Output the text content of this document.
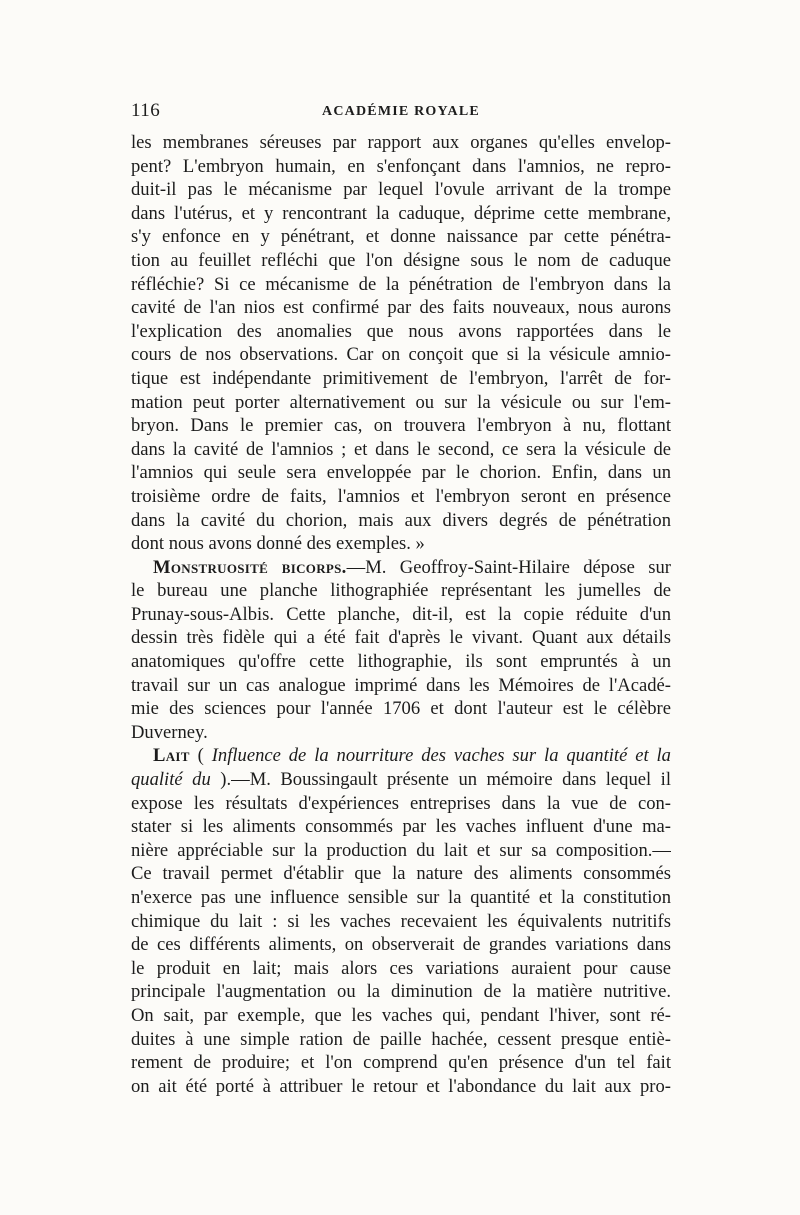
116	ACADÉMIE ROYALE
les membranes séreuses par rapport aux organes qu'elles envelop-
pent? L'embryon humain, en s'enfonçant dans l'amnios, ne repro-
duit-il pas le mécanisme par lequel l'ovule arrivant de la trompe
dans l'utérus, et y rencontrant la caduque, déprime cette membrane,
s'y enfonce en y pénétrant, et donne naissance par cette pénétra-
tion au feuillet refléchi que l'on désigne sous le nom de caduque
réfléchie? Si ce mécanisme de la pénétration de l'embryon dans la
cavité de l'an nios est confirmé par des faits nouveaux, nous aurons
l'explication des anomalies que nous avons rapportées dans le
cours de nos observations. Car on conçoit que si la vésicule amnio-
tique est indépendante primitivement de l'embryon, l'arrêt de for-
mation peut porter alternativement ou sur la vésicule ou sur l'em-
bryon. Dans le premier cas, on trouvera l'embryon à nu, flottant
dans la cavité de l'amnios ; et dans le second, ce sera la vésicule de
l'amnios qui seule sera enveloppée par le chorion. Enfin, dans un
troisième ordre de faits, l'amnios et l'embryon seront en présence
dans la cavité du chorion, mais aux divers degrés de pénétration
dont nous avons donné des exemples. »
Monstruosité bicorps.—M. Geoffroy-Saint-Hilaire dépose sur
le bureau une planche lithographiée représentant les jumelles de
Prunay-sous-Albis. Cette planche, dit-il, est la copie réduite d'un
dessin très fidèle qui a été fait d'après le vivant. Quant aux détails
anatomiques qu'offre cette lithographie, ils sont empruntés à un
travail sur un cas analogue imprimé dans les Mémoires de l'Acadé-
mie des sciences pour l'année 1706 et dont l'auteur est le célèbre
Duverney.
Lait ( Influence de la nourriture des vaches sur la quantité et la
qualité du ).—M. Boussingault présente un mémoire dans lequel il
expose les résultats d'expériences entreprises dans la vue de con-
stater si les aliments consommés par les vaches influent d'une ma-
nière appréciable sur la production du lait et sur sa composition.—
Ce travail permet d'établir que la nature des aliments consommés
n'exerce pas une influence sensible sur la quantité et la constitution
chimique du lait : si les vaches recevaient les équivalents nutritifs
de ces différents aliments, on observerait de grandes variations dans
le produit en lait; mais alors ces variations auraient pour cause
principale l'augmentation ou la diminution de la matière nutritive.
On sait, par exemple, que les vaches qui, pendant l'hiver, sont ré-
duites à une simple ration de paille hachée, cessent presque entiè-
rement de produire; et l'on comprend qu'en présence d'un tel fait
on ait été porté à attribuer le retour et l'abondance du lait aux pro-
